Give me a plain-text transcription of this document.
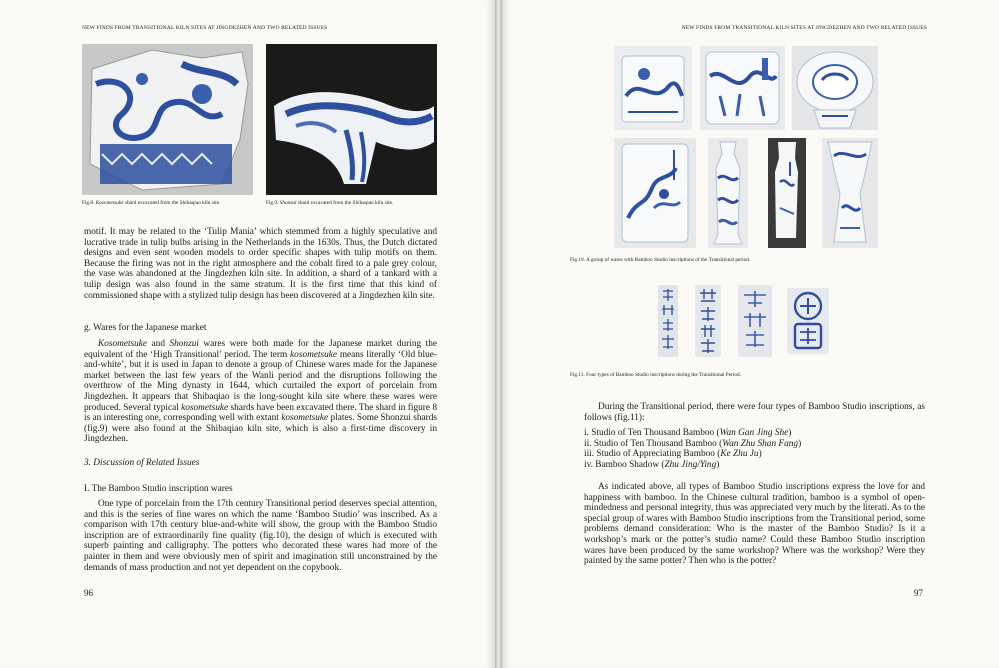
NEW FINDS FROM TRANSITIONAL KILN SITES AT JINGDEZHEN AND TWO RELATED ISSUES
Fig.8. Kosometsuke shard excavated from the Shibaqiao kiln site.	Fig.9. Shonzui shard excavated from the Shibaqiao kiln site.

motif. It may be related to the ‘Tulip Mania’ which stemmed from a highly speculative and lucrative trade in tulip bulbs arising in the Netherlands in the 1630s. Thus, the Dutch dictated designs and even sent wooden models to order specific shapes with tulip motifs on them. Because the firing was not in the right atmosphere and the cobalt fired to a pale grey colour, the vase was abandoned at the Jingdezhen kiln site. In addition, a shard of a tankard with a tulip design was also found in the same stratum. It is the first time that this kind of commissioned shape with a stylized tulip design has been discovered at a Jingdezhen kiln site.

g. Wares for the Japanese market

Kosometsuke and Shonzui wares were both made for the Japanese market during the equivalent of the ‘High Transitional’ period. The term kosometsuke means literally ‘Old blue-and-white’, but it is used in Japan to denote a group of Chinese wares made for the Japanese market between the last few years of the Wanli period and the disruptions following the overthrow of the Ming dynasty in 1644, which curtailed the export of porcelain from Jingdezhen. It appears that Shibaqiao is the long-sought kiln site where these wares were produced. Several typical kosometsuke shards have been excavated there. The shard in figure 8 is an interesting one, corresponding well with extant kosometsuke plates. Some Shonzui shards (fig.9) were also found at the Shibaqiao kiln site, which is also a first-time discovery in Jingdezhen.

3. Discussion of Related Issues
I. The Bamboo Studio inscription wares

One type of porcelain from the 17th century Transitional period deserves special attention, and this is the series of fine wares on which the name ‘Bamboo Studio’ was inscribed. As a comparison with 17th century blue-and-white will show, the group with the Bamboo Studio inscription are of extraordinarily fine quality (fig.10), the design of which is executed with superb painting and calligraphy. The potters who decorated these wares had more of the painter in them and were obviously men of spirit and imagination still unconstrained by the demands of mass production and not yet dependent on the copybook.

96
NEW FINDS FROM TRANSITIONAL KILN SITES AT JINGDEZHEN AND TWO RELATED ISSUES
Fig.10. A group of wares with Bamboo Studio inscriptions of the Transitional period.
Fig.11. Four types of Bamboo Studio inscriptions during the Transitional Period.

During the Transitional period, there were four types of Bamboo Studio inscriptions, as follows (fig.11):

i. Studio of Ten Thousand Bamboo (Wan Gan Jing She)
ii. Studio of Ten Thousand Bamboo (Wan Zhu Shan Fang)
iii. Studio of Appreciating Bamboo (Ke Zhu Ju)
iv. Bamboo Shadow (Zhu Jing/Ying)

As indicated above, all types of Bamboo Studio inscriptions express the love for and happiness with bamboo. In the Chinese cultural tradition, bamboo is a symbol of open-mindedness and personal integrity, thus was appreciated very much by the literati. As to the special group of wares with Bamboo Studio inscriptions from the Transitional period, some problems demand consideration: Who is the master of the Bamboo Studio? Is it a workshop’s mark or the potter’s studio name? Could these Bamboo Studio inscription wares have been produced by the same workshop? Where was the workshop? Were they painted by the same potter? Then who is the potter?

97
